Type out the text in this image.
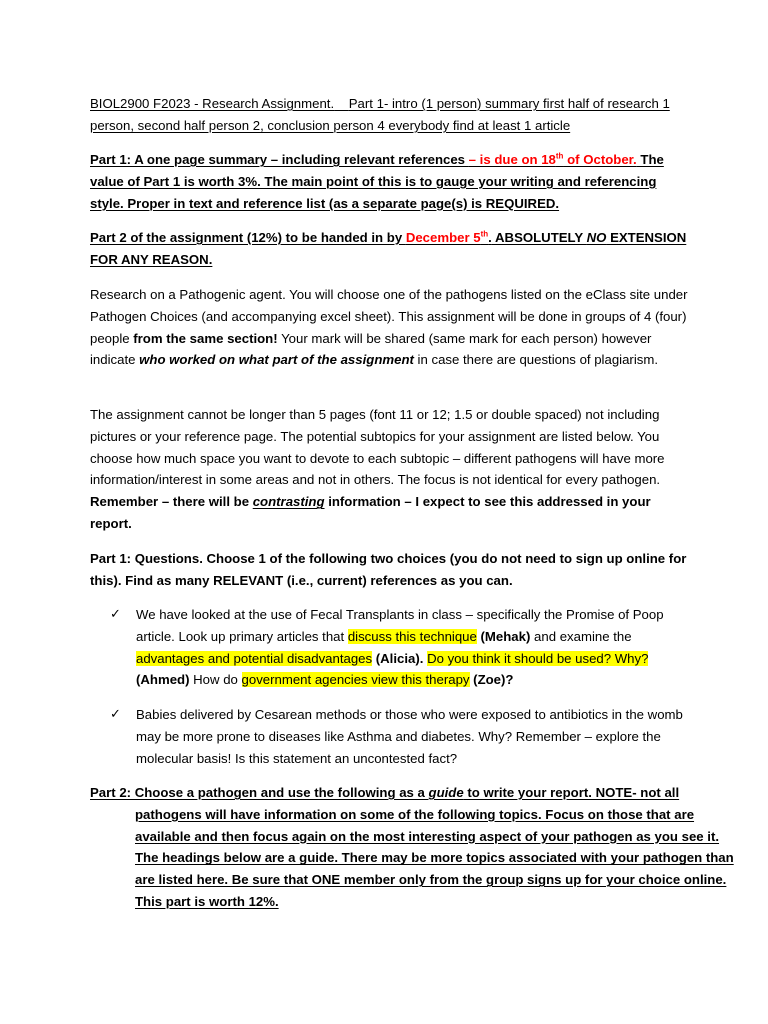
BIOL2900 F2023 - Research Assignment. Part 1- intro (1 person) summary first half of research 1 person, second half person 2, conclusion person 4 everybody find at least 1 article
Part 1: A one page summary – including relevant references – is due on 18th of October. The value of Part 1 is worth 3%. The main point of this is to gauge your writing and referencing style. Proper in text and reference list (as a separate page(s) is REQUIRED.
Part 2 of the assignment (12%) to be handed in by December 5th. ABSOLUTELY NO EXTENSION FOR ANY REASON.
Research on a Pathogenic agent. You will choose one of the pathogens listed on the eClass site under Pathogen Choices (and accompanying excel sheet). This assignment will be done in groups of 4 (four) people from the same section! Your mark will be shared (same mark for each person) however indicate who worked on what part of the assignment in case there are questions of plagiarism.
The assignment cannot be longer than 5 pages (font 11 or 12; 1.5 or double spaced) not including pictures or your reference page. The potential subtopics for your assignment are listed below. You choose how much space you want to devote to each subtopic – different pathogens will have more information/interest in some areas and not in others. The focus is not identical for every pathogen. Remember – there will be contrasting information – I expect to see this addressed in your report.
Part 1: Questions. Choose 1 of the following two choices (you do not need to sign up online for this). Find as many RELEVANT (i.e., current) references as you can.
✓ We have looked at the use of Fecal Transplants in class – specifically the Promise of Poop article. Look up primary articles that discuss this technique (Mehak) and examine the advantages and potential disadvantages (Alicia). Do you think it should be used? Why? (Ahmed) How do government agencies view this therapy (Zoe)?
✓ Babies delivered by Cesarean methods or those who were exposed to antibiotics in the womb may be more prone to diseases like Asthma and diabetes. Why? Remember – explore the molecular basis! Is this statement an uncontested fact?
Part 2: Choose a pathogen and use the following as a guide to write your report. NOTE- not all pathogens will have information on some of the following topics. Focus on those that are available and then focus again on the most interesting aspect of your pathogen as you see it. The headings below are a guide. There may be more topics associated with your pathogen than are listed here. Be sure that ONE member only from the group signs up for your choice online. This part is worth 12%.
